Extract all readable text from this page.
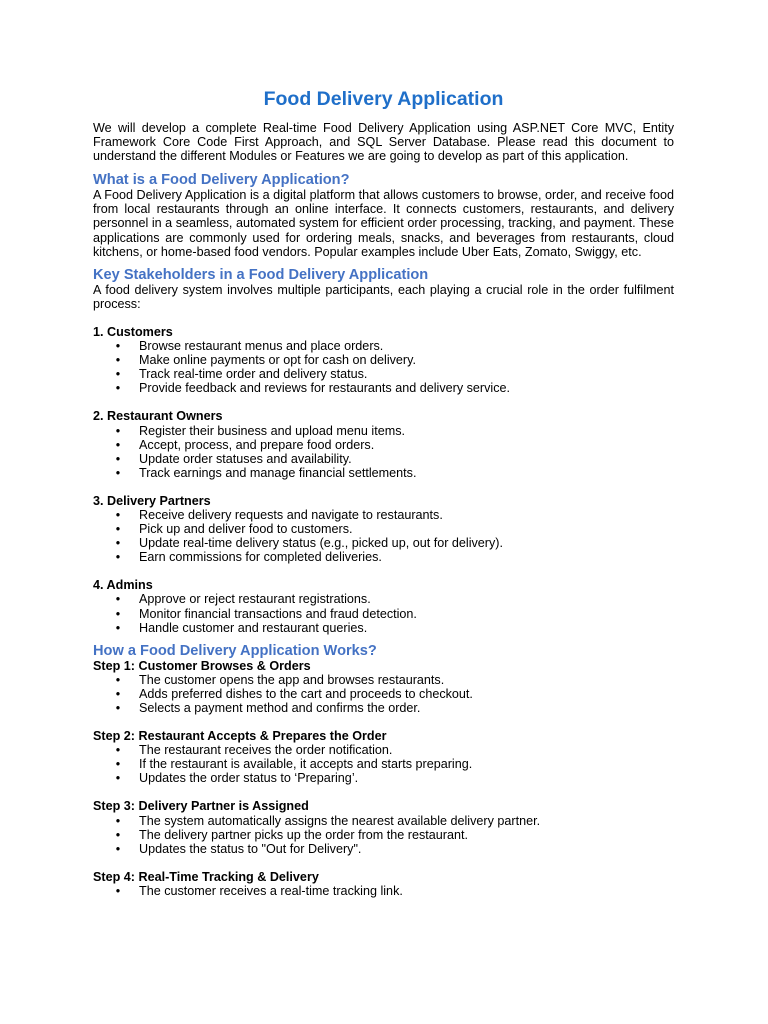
Food Delivery Application

We will develop a complete Real-time Food Delivery Application using ASP.NET Core MVC, Entity Framework Core Code First Approach, and SQL Server Database. Please read this document to understand the different Modules or Features we are going to develop as part of this application.

What is a Food Delivery Application?

A Food Delivery Application is a digital platform that allows customers to browse, order, and receive food from local restaurants through an online interface. It connects customers, restaurants, and delivery personnel in a seamless, automated system for efficient order processing, tracking, and payment. These applications are commonly used for ordering meals, snacks, and beverages from restaurants, cloud kitchens, or home-based food vendors. Popular examples include Uber Eats, Zomato, Swiggy, etc.

Key Stakeholders in a Food Delivery Application

A food delivery system involves multiple participants, each playing a crucial role in the order fulfilment process:

1. Customers
• Browse restaurant menus and place orders.
• Make online payments or opt for cash on delivery.
• Track real-time order and delivery status.
• Provide feedback and reviews for restaurants and delivery service.
2. Restaurant Owners
• Register their business and upload menu items.
• Accept, process, and prepare food orders.
• Update order statuses and availability.
• Track earnings and manage financial settlements.
3. Delivery Partners
• Receive delivery requests and navigate to restaurants.
• Pick up and deliver food to customers.
• Update real-time delivery status (e.g., picked up, out for delivery).
• Earn commissions for completed deliveries.
4. Admins
• Approve or reject restaurant registrations.
• Monitor financial transactions and fraud detection.
• Handle customer and restaurant queries.
How a Food Delivery Application Works?
Step 1: Customer Browses & Orders
• The customer opens the app and browses restaurants.
• Adds preferred dishes to the cart and proceeds to checkout.
• Selects a payment method and confirms the order.
Step 2: Restaurant Accepts & Prepares the Order
• The restaurant receives the order notification.
• If the restaurant is available, it accepts and starts preparing.
• Updates the order status to ‘Preparing’.
Step 3: Delivery Partner is Assigned
• The system automatically assigns the nearest available delivery partner.
• The delivery partner picks up the order from the restaurant.
• Updates the status to "Out for Delivery".
Step 4: Real-Time Tracking & Delivery
• The customer receives a real-time tracking link.
